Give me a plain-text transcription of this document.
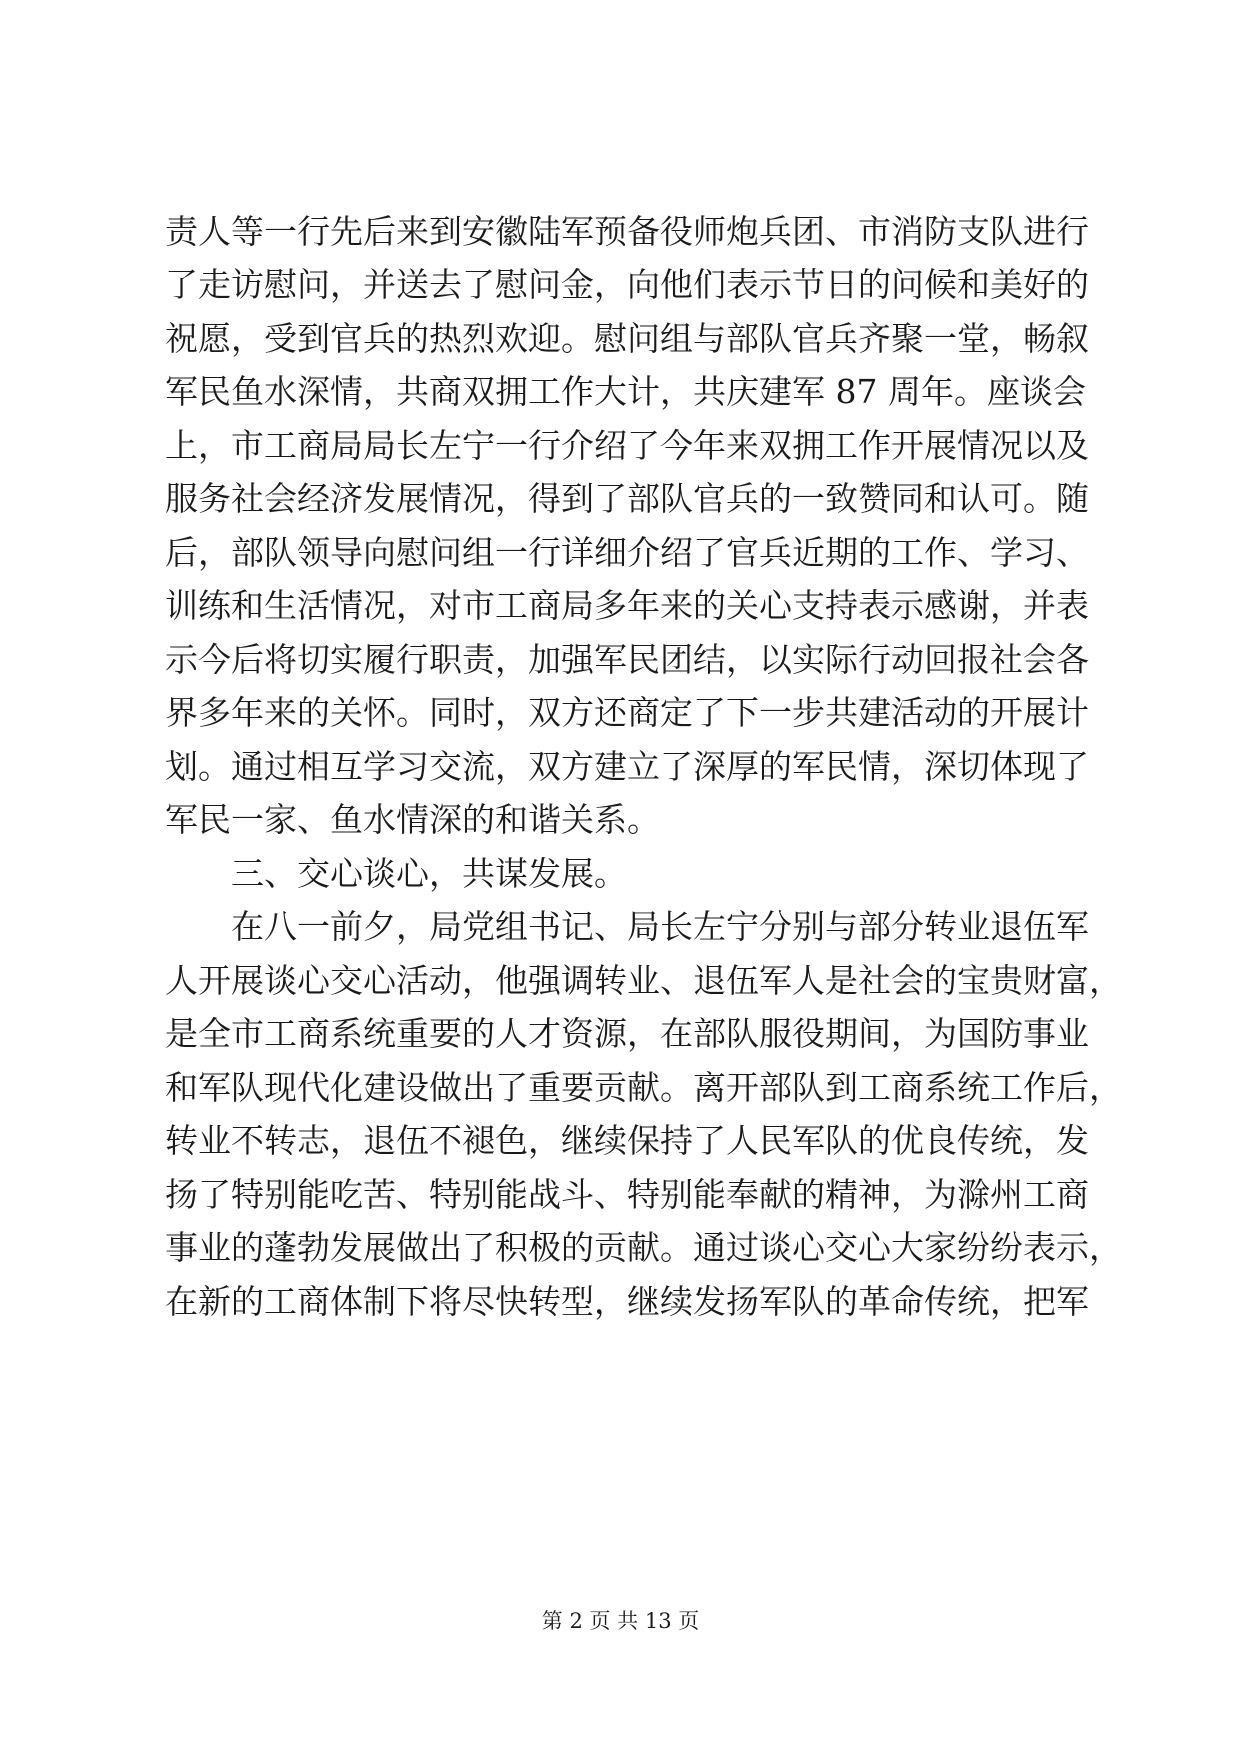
责人等一行先后来到安徽陆军预备役师炮兵团、市消防支队进行
了走访慰问，并送去了慰问金，向他们表示节日的问候和美好的
祝愿，受到官兵的热烈欢迎。慰问组与部队官兵齐聚一堂，畅叙
军民鱼水深情，共商双拥工作大计，共庆建军 87 周年。座谈会
上，市工商局局长左宁一行介绍了今年来双拥工作开展情况以及
服务社会经济发展情况，得到了部队官兵的一致赞同和认可。随
后，部队领导向慰问组一行详细介绍了官兵近期的工作、学习、
训练和生活情况，对市工商局多年来的关心支持表示感谢，并表
示今后将切实履行职责，加强军民团结，以实际行动回报社会各
界多年来的关怀。同时，双方还商定了下一步共建活动的开展计
划。通过相互学习交流，双方建立了深厚的军民情，深切体现了
军民一家、鱼水情深的和谐关系。
三、交心谈心，共谋发展。
在八一前夕，局党组书记、局长左宁分别与部分转业退伍军
人开展谈心交心活动，他强调转业、退伍军人是社会的宝贵财富，
是全市工商系统重要的人才资源，在部队服役期间，为国防事业
和军队现代化建设做出了重要贡献。离开部队到工商系统工作后，
转业不转志，退伍不褪色，继续保持了人民军队的优良传统，发
扬了特别能吃苦、特别能战斗、特别能奉献的精神，为滁州工商
事业的蓬勃发展做出了积极的贡献。通过谈心交心大家纷纷表示，
在新的工商体制下将尽快转型，继续发扬军队的革命传统，把军
第 2 页 共 13 页
